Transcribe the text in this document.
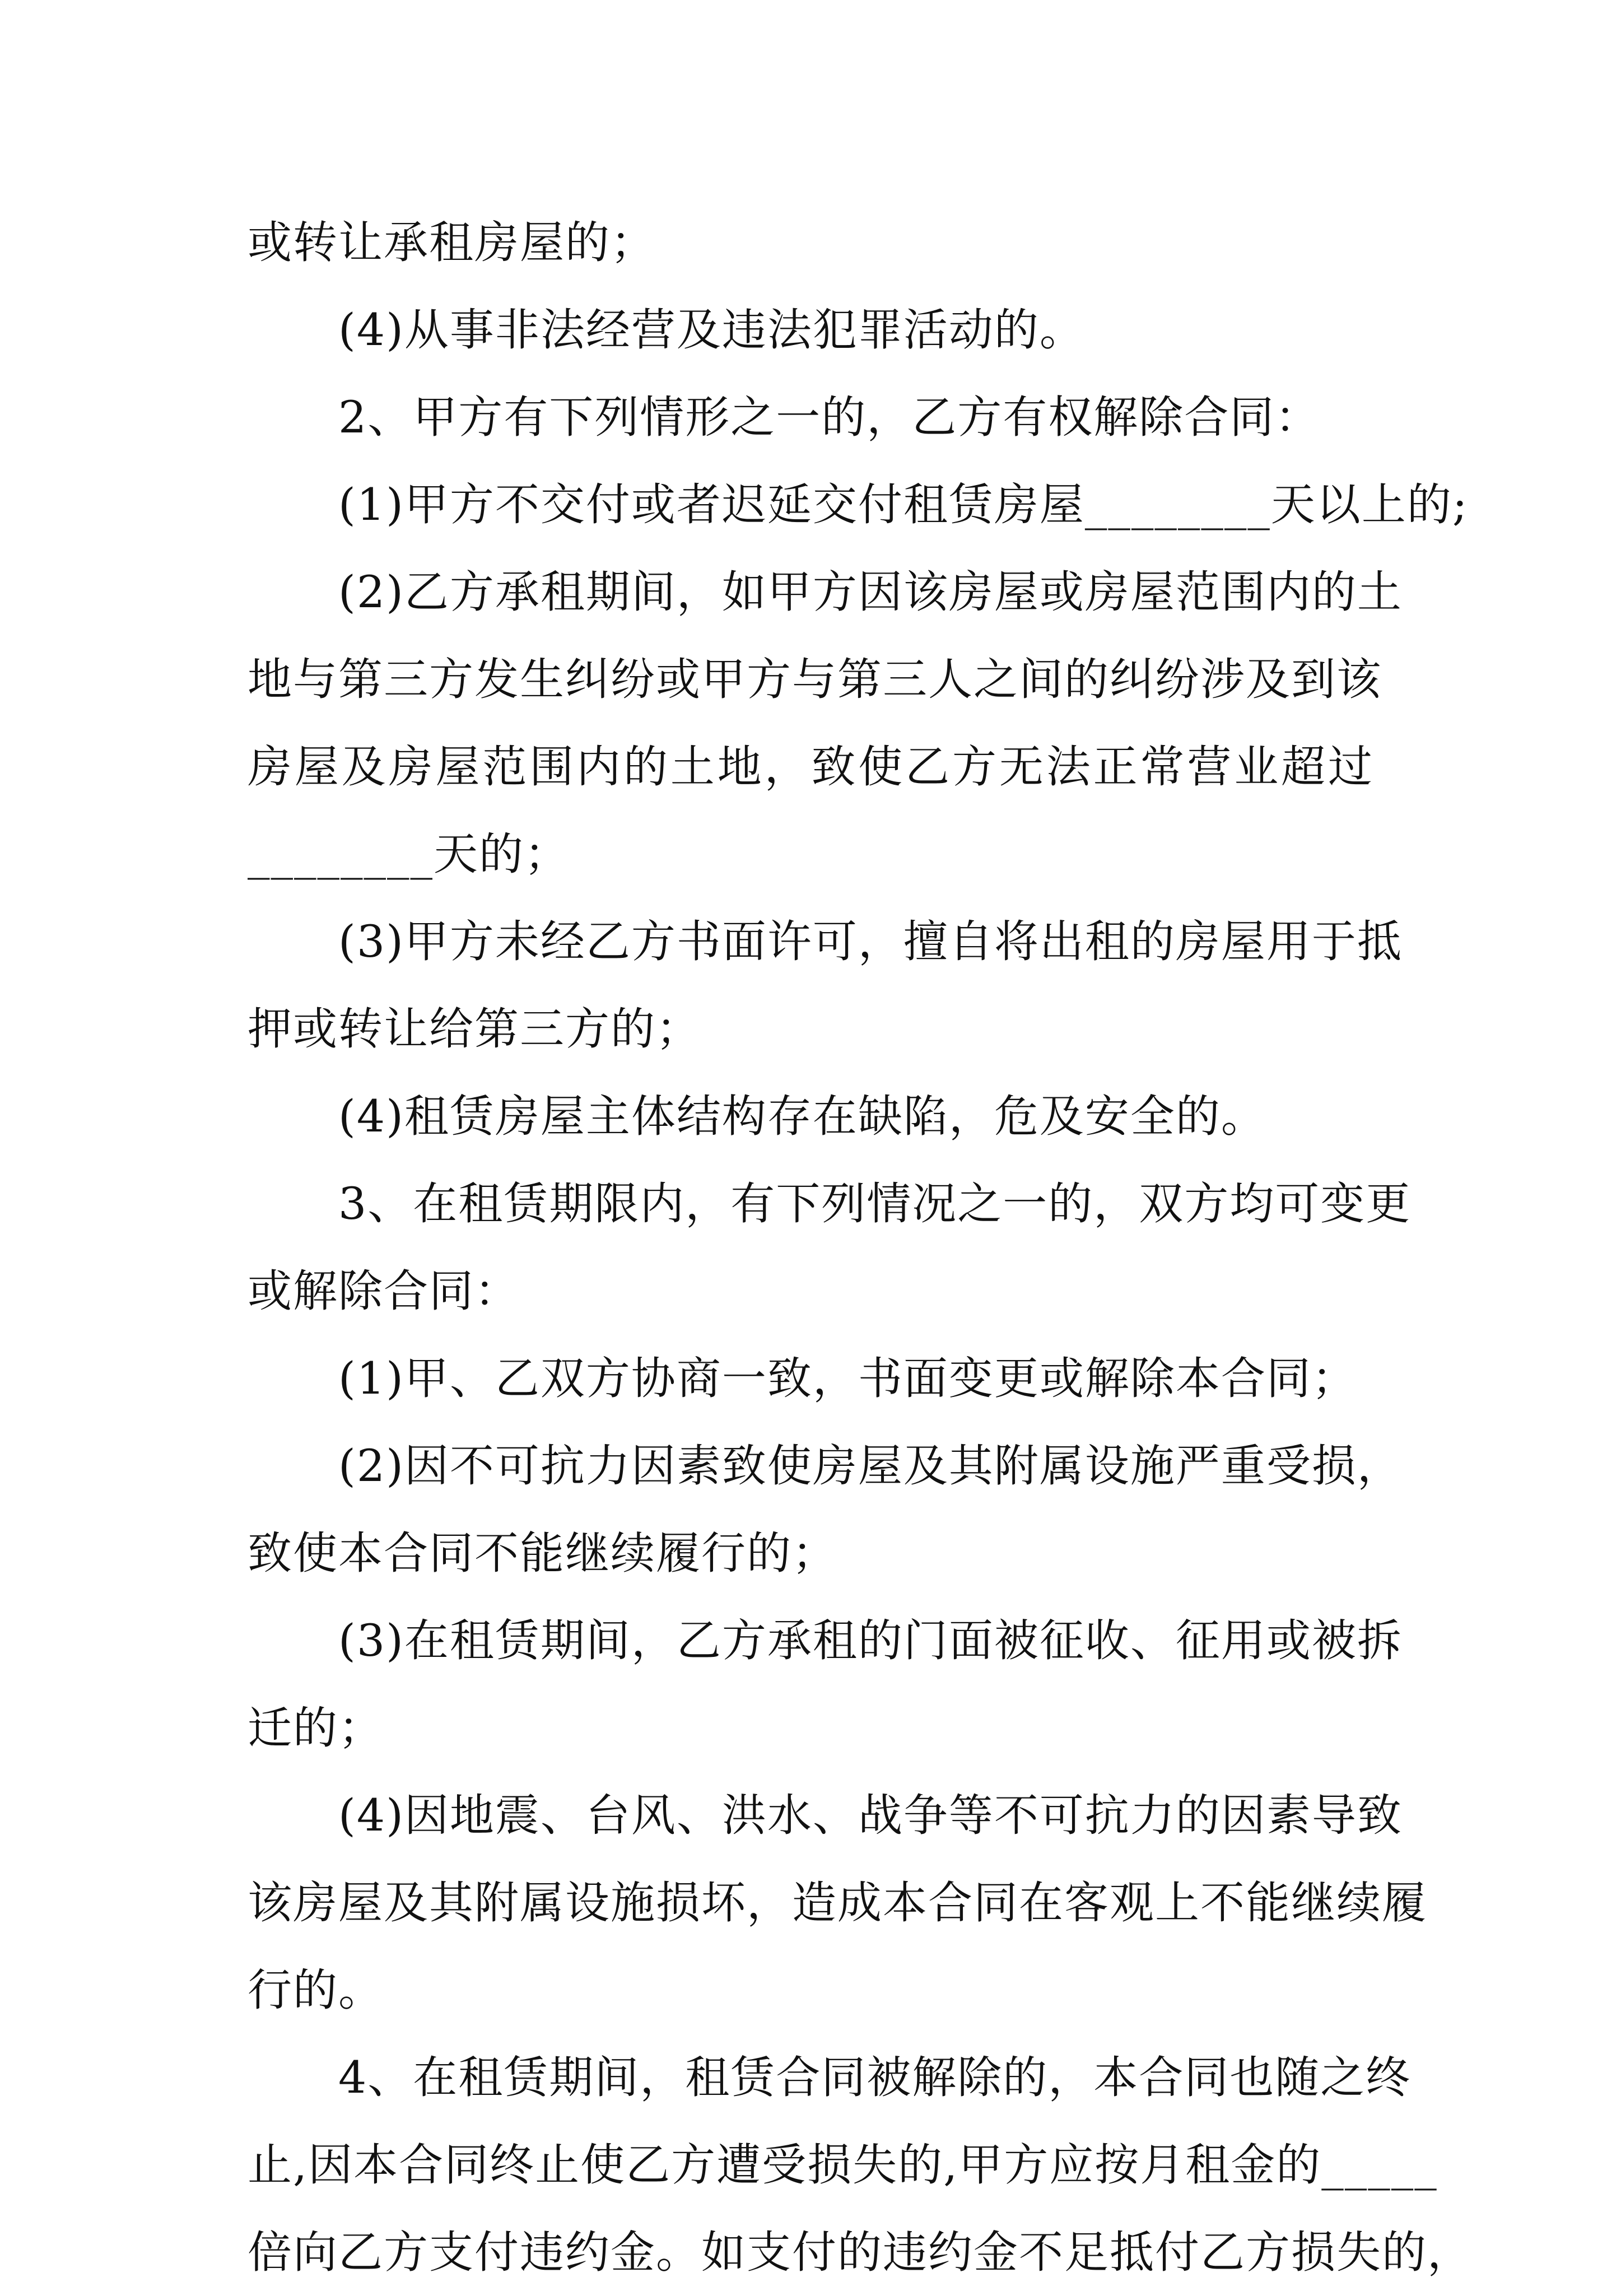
或转让承租房屋的；
(4)从事非法经营及违法犯罪活动的。
2、甲方有下列情形之一的，乙方有权解除合同：
(1)甲方不交付或者迟延交付租赁房屋________天以上的;
(2)乙方承租期间，如甲方因该房屋或房屋范围内的土
地与第三方发生纠纷或甲方与第三人之间的纠纷涉及到该
房屋及房屋范围内的土地，致使乙方无法正常营业超过
________天的；
(3)甲方未经乙方书面许可，擅自将出租的房屋用于抵
押或转让给第三方的；
(4)租赁房屋主体结构存在缺陷，危及安全的。
3、在租赁期限内，有下列情况之一的，双方均可变更
或解除合同：
(1)甲、乙双方协商一致，书面变更或解除本合同；
(2)因不可抗力因素致使房屋及其附属设施严重受损，
致使本合同不能继续履行的；
(3)在租赁期间，乙方承租的门面被征收、征用或被拆
迁的；
(4)因地震、台风、洪水、战争等不可抗力的因素导致
该房屋及其附属设施损坏，造成本合同在客观上不能继续履
行的。
4、在租赁期间，租赁合同被解除的，本合同也随之终
止,因本合同终止使乙方遭受损失的,甲方应按月租金的_____
倍向乙方支付违约金。如支付的违约金不足抵付乙方损失的，
